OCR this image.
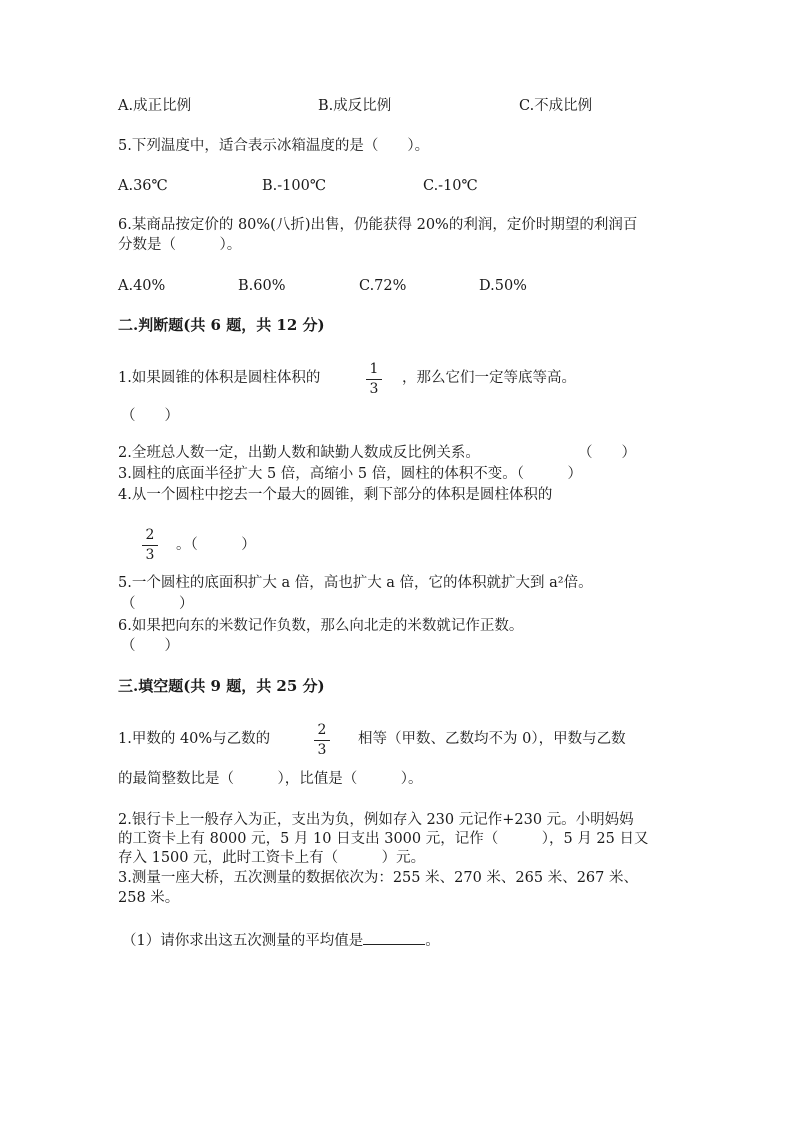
A.成正比例	B.成反比例	C.不成比例
5.下列温度中，适合表示冰箱温度的是（　　）。
A.36℃	B.-100℃	C.-10℃
6.某商品按定价的 80%(八折)出售，仍能获得 20%的利润，定价时期望的利润百
分数是（　　　）。
A.40%	B.60%	C.72%	D.50%
二.判断题(共 6 题，共 12 分)
1.如果圆锥的体积是圆柱体积的
1
3
，那么它们一定等底等高。
（　　）
2.全班总人数一定，出勤人数和缺勤人数成反比例关系。	（　　）
3.圆柱的底面半径扩大 5 倍，高缩小 5 倍，圆柱的体积不变。（　　　）
4.从一个圆柱中挖去一个最大的圆锥，剩下部分的体积是圆柱体积的
2
3
。（　　　）
5.一个圆柱的底面积扩大 a 倍，高也扩大 a 倍，它的体积就扩大到 a²倍。
（　　　）
6.如果把向东的米数记作负数，那么向北走的米数就记作正数。
（　　）
三.填空题(共 9 题，共 25 分)
1.甲数的 40%与乙数的
2
3
相等（甲数、乙数均不为 0），甲数与乙数
的最简整数比是（　　　），比值是（　　　）。
2.银行卡上一般存入为正，支出为负，例如存入 230 元记作+230 元。小明妈妈
的工资卡上有 8000 元，5 月 10 日支出 3000 元，记作（　　　），5 月 25 日又
存入 1500 元，此时工资卡上有（　　　）元。
3.测量一座大桥，五次测量的数据依次为：255 米、270 米、265 米、267 米、
258 米。
（1）请你求出这五次测量的平均值是	。
